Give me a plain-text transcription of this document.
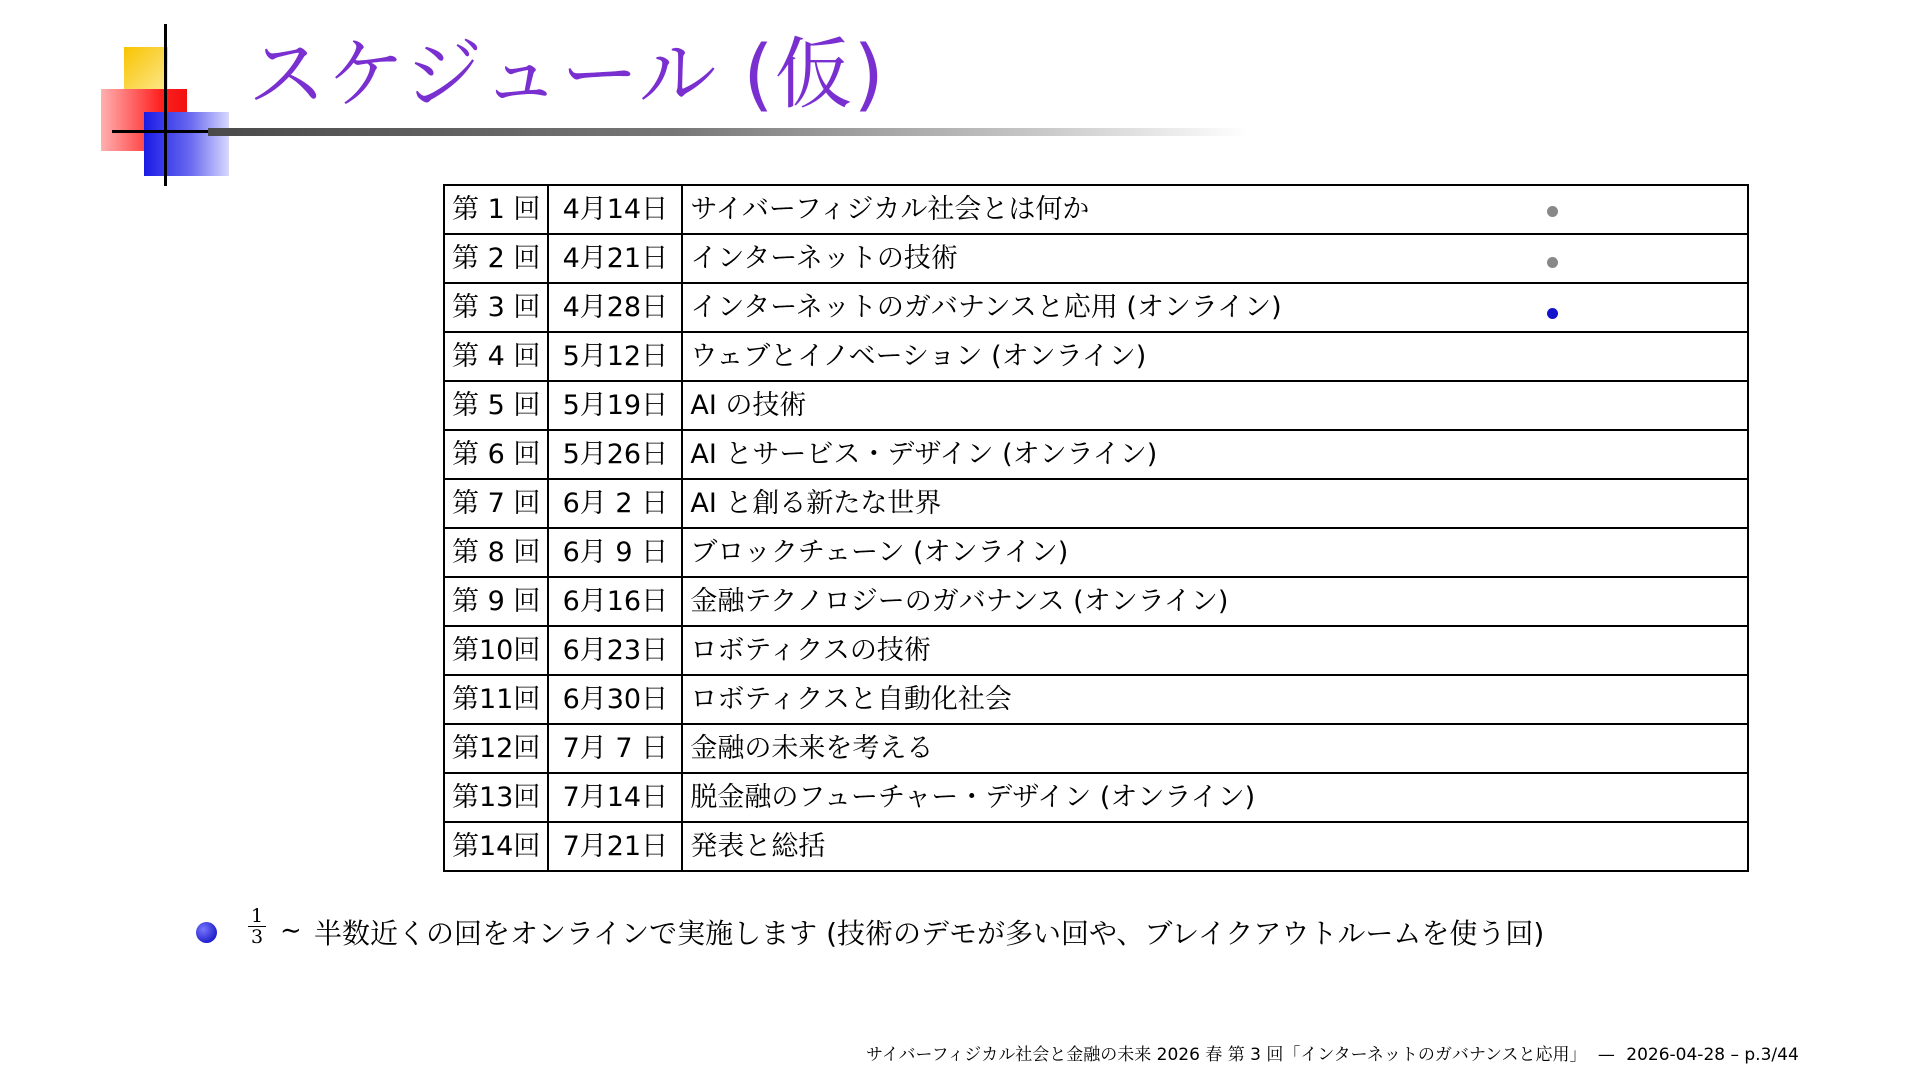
スケジュール (仮)
第 1 回	4月14日	サイバーフィジカル社会とは何か
第 2 回	4月21日	インターネットの技術
第 3 回	4月28日	インターネットのガバナンスと応用 (オンライン)
第 4 回	5月12日	ウェブとイノベーション (オンライン)
第 5 回	5月19日	AI の技術
第 6 回	5月26日	AI とサービス・デザイン (オンライン)
第 7 回	6月 2 日	AI と創る新たな世界
第 8 回	6月 9 日	ブロックチェーン (オンライン)
第 9 回	6月16日	金融テクノロジーのガバナンス (オンライン)
第10回	6月23日	ロボティクスの技術
第11回	6月30日	ロボティクスと自動化社会
第12回	7月 7 日	金融の未来を考える
第13回	7月14日	脱金融のフューチャー・デザイン (オンライン)
第14回	7月21日	発表と総括
$\frac{1}{3}$ ∼ 半数近くの回をオンラインで実施します (技術のデモが多い回や、ブレイクアウトルームを使う回)
サイバーフィジカル社会と金融の未来 2026 春 第 3 回「インターネットのガバナンスと応用」 — 2026-04-28 – p.3/44
